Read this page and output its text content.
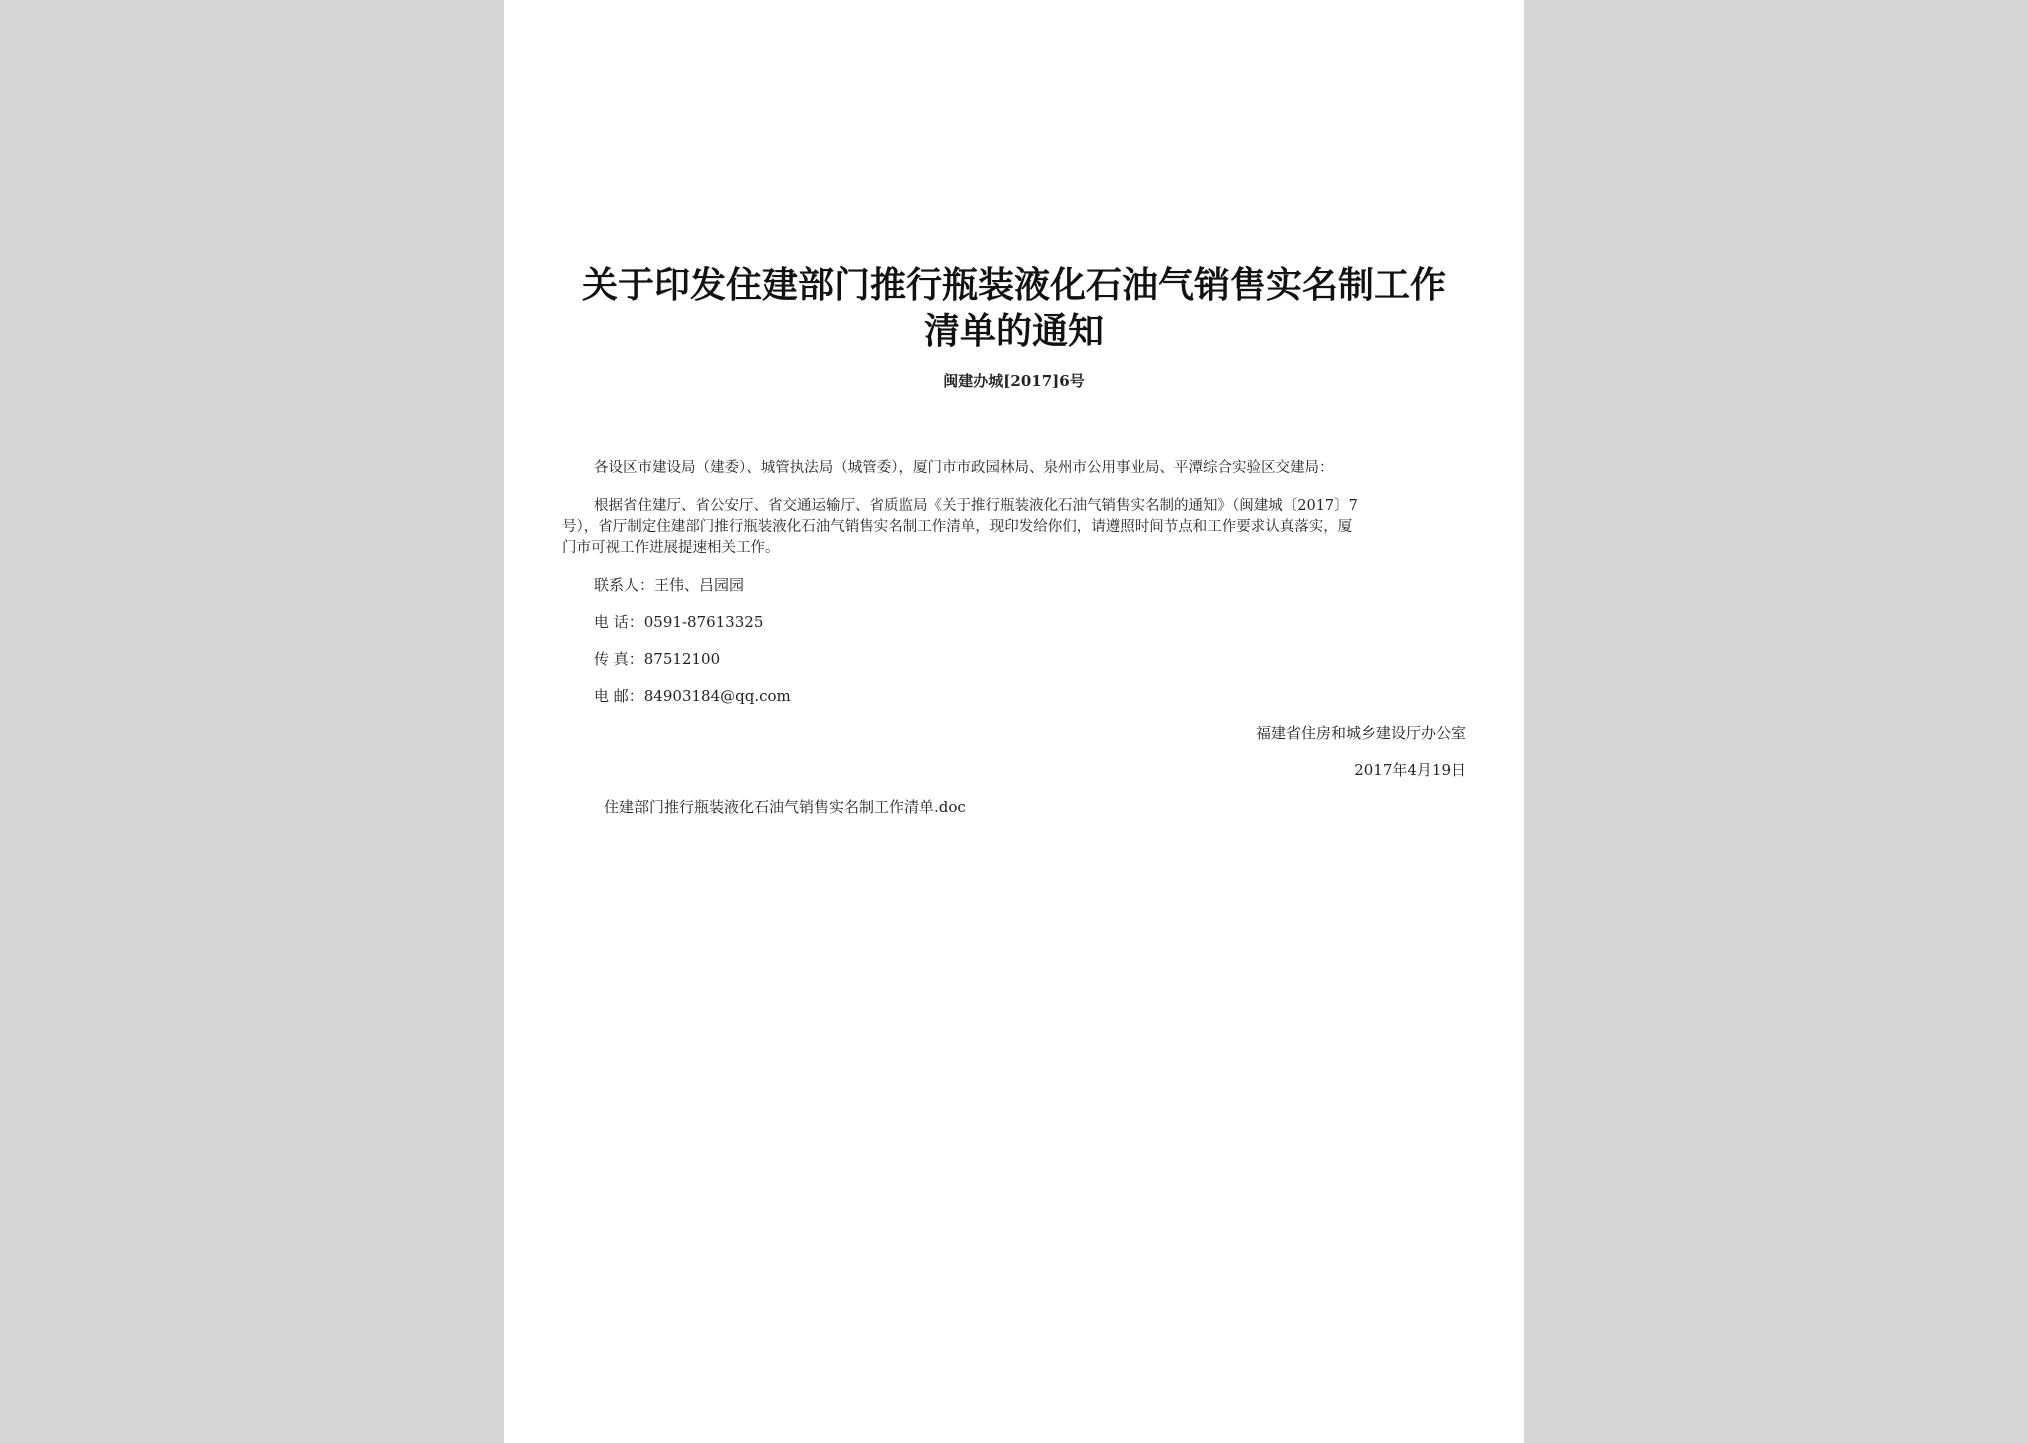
关于印发住建部门推行瓶装液化石油气销售实名制工作
清单的通知
闽建办城[2017]6号
各设区市建设局（建委）、城管执法局（城管委），厦门市市政园林局、泉州市公用事业局、平潭综合实验区交建局：
根据省住建厅、省公安厅、省交通运输厅、省质监局《关于推行瓶装液化石油气销售实名制的通知》（闽建城〔2017〕7
号），省厅制定住建部门推行瓶装液化石油气销售实名制工作清单，现印发给你们，请遵照时间节点和工作要求认真落实，厦
门市可视工作进展提速相关工作。
联系人：王伟、吕园园
电 话：0591-87613325
传 真：87512100
电 邮：84903184@qq.com
福建省住房和城乡建设厅办公室
2017年4月19日
住建部门推行瓶装液化石油气销售实名制工作清单.doc
